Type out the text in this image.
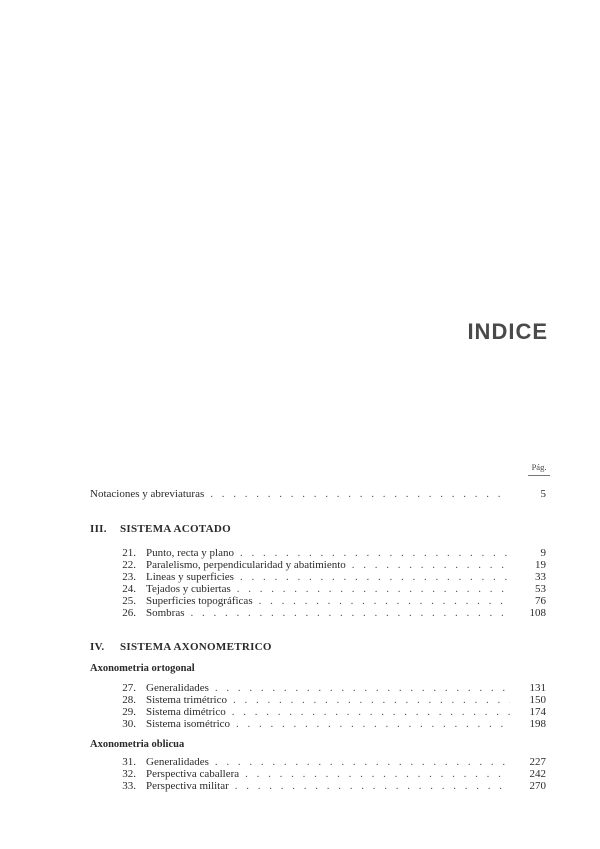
INDICE
Pág.
Notaciones y abreviaturas . . .	5
III. SISTEMA ACOTADO
21. Punto, recta y plano . . .	9
22. Paralelismo, perpendicularidad y abatimiento . . .	19
23. Lineas y superficies . . .	33
24. Tejados y cubiertas . . .	53
25. Superficies topográficas . . .	76
26. Sombras . . .	108
IV. SISTEMA AXONOMETRICO
Axonometria ortogonal
27. Generalidades . . .	131
28. Sistema trimétrico . . .	150
29. Sistema dimétrico . . .	174
30. Sistema isométrico . . .	198
Axonometria oblicua
31. Generalidades . . .	227
32. Perspectiva caballera . . .	242
33. Perspectiva militar . . .	270
